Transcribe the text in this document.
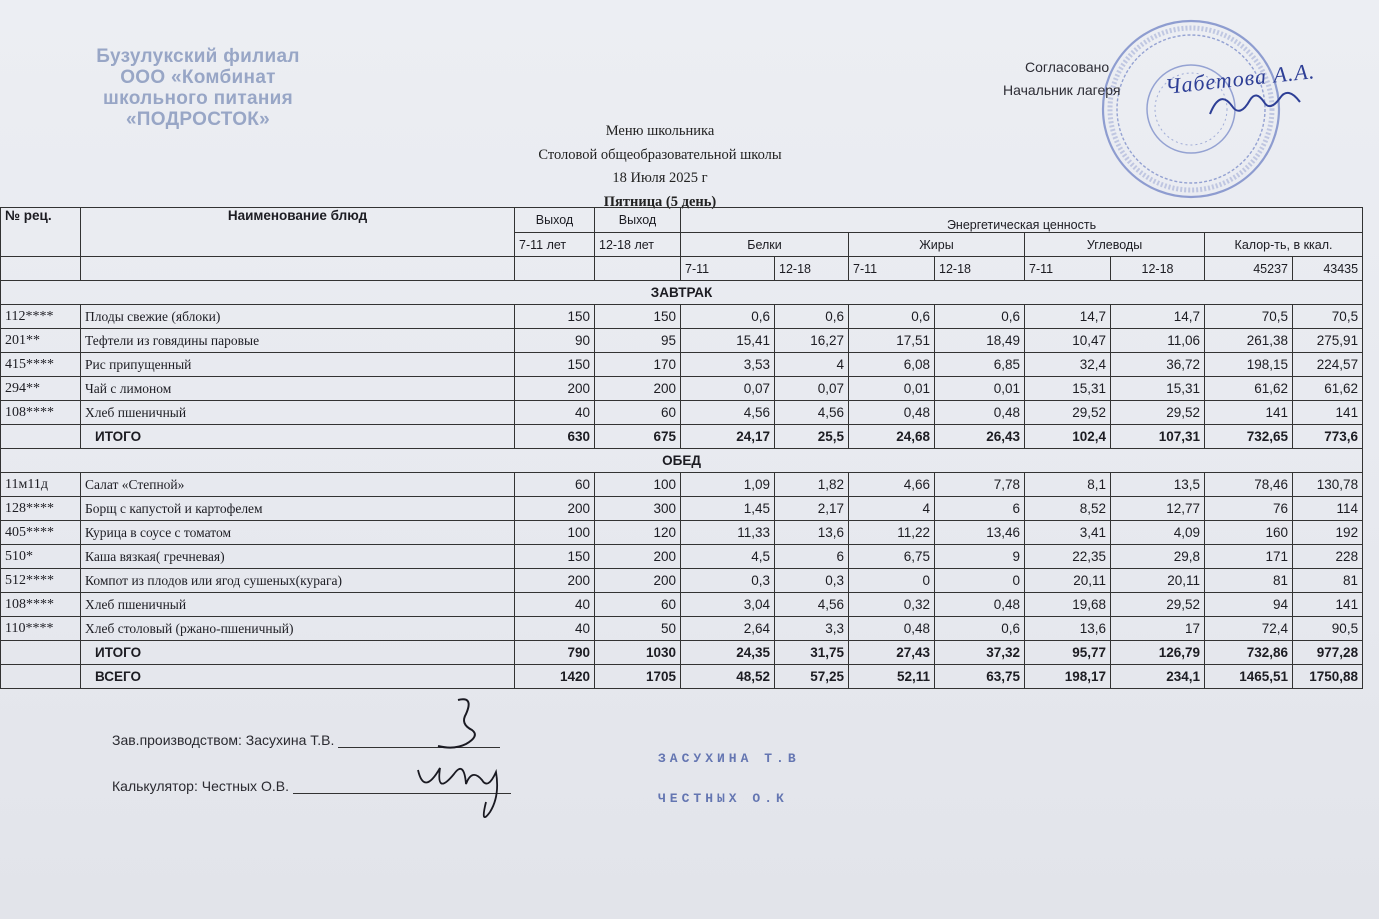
Бузулукский филиал
ООО «Комбинат
школьного питания
«ПОДРОСТОК»
Согласовано
Начальник лагеря Чабетова А.А.
Меню школьника
Столовой общеобразовательной школы
18 Июля 2025 г
Пятница (5 день)
№ рец.	Наименование блюд	Выход	Выход	Энергетическая ценность							
		7-11 лет	12-18 лет	Белки		Жиры		Углеводы		Калор-ть, в ккал.	
				7-11	12-18	7-11	12-18	7-11	12-18	45237	43435
ЗАВТРАК											
112****	Плоды свежие (яблоки)	150	150	0,6	0,6	0,6	0,6	14,7	14,7	70,5	70,5
201**	Тефтели из говядины паровые	90	95	15,41	16,27	17,51	18,49	10,47	11,06	261,38	275,91
415****	Рис припущенный	150	170	3,53	4	6,08	6,85	32,4	36,72	198,15	224,57
294**	Чай с лимоном	200	200	0,07	0,07	0,01	0,01	15,31	15,31	61,62	61,62
108****	Хлеб пшеничный	40	60	4,56	4,56	0,48	0,48	29,52	29,52	141	141
	ИТОГО	630	675	24,17	25,5	24,68	26,43	102,4	107,31	732,65	773,6
ОБЕД											
11м11д	Салат «Степной»	60	100	1,09	1,82	4,66	7,78	8,1	13,5	78,46	130,78
128****	Борщ с капустой и картофелем	200	300	1,45	2,17	4	6	8,52	12,77	76	114
405****	Курица в соусе с томатом	100	120	11,33	13,6	11,22	13,46	3,41	4,09	160	192
510*	Каша вязкая( гречневая)	150	200	4,5	6	6,75	9	22,35	29,8	171	228
512****	Компот из плодов или ягод сушеных(курага)	200	200	0,3	0,3	0	0	20,11	20,11	81	81
108****	Хлеб пшеничный	40	60	3,04	4,56	0,32	0,48	19,68	29,52	94	141
110****	Хлеб столовый (ржано-пшеничный)	40	50	2,64	3,3	0,48	0,6	13,6	17	72,4	90,5
	ИТОГО	790	1030	24,35	31,75	27,43	37,32	95,77	126,79	732,86	977,28
	ВСЕГО	1420	1705	48,52	57,25	52,11	63,75	198,17	234,1	1465,51	1750,88
Зав.производством: Засухина Т.В.
Калькулятор: Честных О.В.
ЗАСУХИНА Т.В
ЧЕСТНЫХ О.К
